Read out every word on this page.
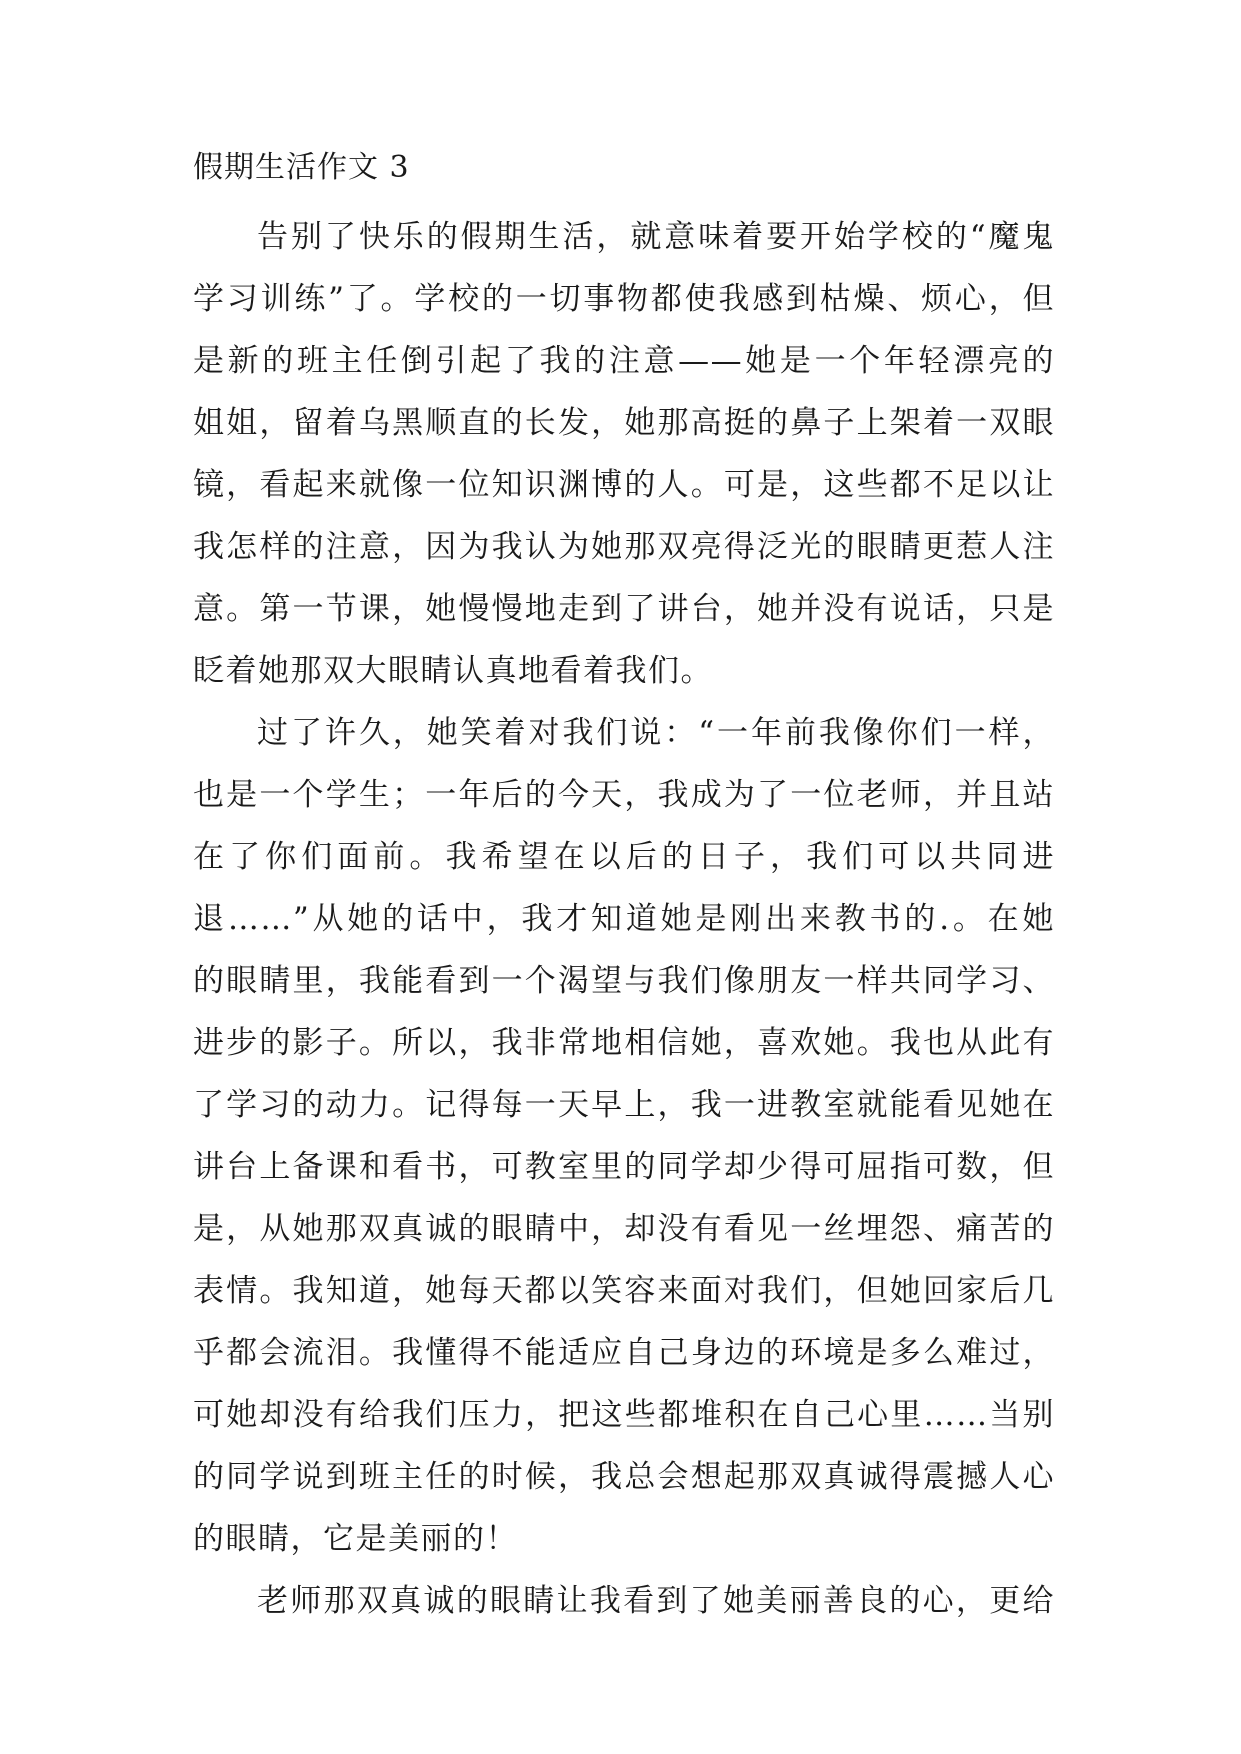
假期生活作文 3
告别了快乐的假期生活，就意味着要开始学校的“魔鬼
学习训练”了。学校的一切事物都使我感到枯燥、烦心，但
是新的班主任倒引起了我的注意——她是一个年轻漂亮的
姐姐，留着乌黑顺直的长发，她那高挺的鼻子上架着一双眼
镜，看起来就像一位知识渊博的人。可是，这些都不足以让
我怎样的注意，因为我认为她那双亮得泛光的眼睛更惹人注
意。第一节课，她慢慢地走到了讲台，她并没有说话，只是
眨着她那双大眼睛认真地看着我们。
过了许久，她笑着对我们说：“一年前我像你们一样，
也是一个学生；一年后的今天，我成为了一位老师，并且站
在了你们面前。我希望在以后的日子，我们可以共同进
退……”从她的话中，我才知道她是刚出来教书的.。在她
的眼睛里，我能看到一个渴望与我们像朋友一样共同学习、
进步的影子。所以，我非常地相信她，喜欢她。我也从此有
了学习的动力。记得每一天早上，我一进教室就能看见她在
讲台上备课和看书，可教室里的同学却少得可屈指可数，但
是，从她那双真诚的眼睛中，却没有看见一丝埋怨、痛苦的
表情。我知道，她每天都以笑容来面对我们，但她回家后几
乎都会流泪。我懂得不能适应自己身边的环境是多么难过，
可她却没有给我们压力，把这些都堆积在自己心里……当别
的同学说到班主任的时候，我总会想起那双真诚得震撼人心
的眼睛，它是美丽的！
老师那双真诚的眼睛让我看到了她美丽善良的心，更给
